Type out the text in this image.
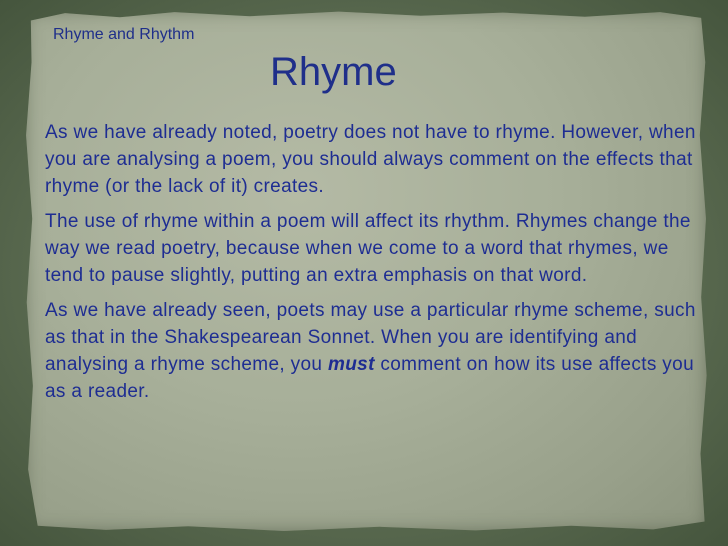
Rhyme and Rhythm
Rhyme

As we have already noted, poetry does not have to rhyme. However, when you are analysing a poem, you should always comment on the effects that rhyme (or the lack of it) creates.

The use of rhyme within a poem will affect its rhythm. Rhymes change the way we read poetry, because when we come to a word that rhymes, we tend to pause slightly, putting an extra emphasis on that word.

As we have already seen, poets may use a particular rhyme scheme, such as that in the Shakespearean Sonnet. When you are identifying and analysing a rhyme scheme, you must comment on how its use affects you as a reader.
